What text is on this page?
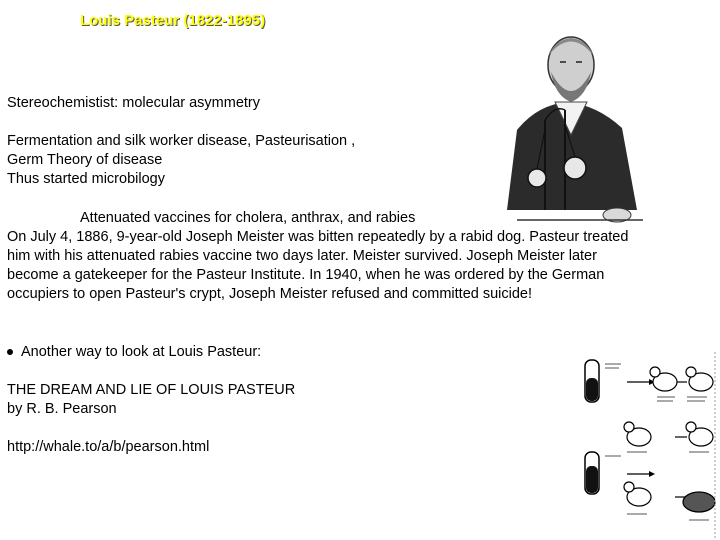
Louis Pasteur (1822-1895)
Stereochemistist: molecular asymmetry
Fermentation and silk worker disease, Pasteurisation ,
Germ Theory of disease
Thus started microbilogy
Attenuated vaccines for cholera, anthrax, and rabies
On July 4, 1886, 9-year-old Joseph Meister was bitten repeatedly by a rabid dog. Pasteur treated him with his attenuated rabies vaccine two days later. Meister survived. Joseph Meister later become a gatekeeper for the Pasteur Institute. In 1940, when he was ordered by the German occupiers to open Pasteur's crypt, Joseph Meister refused and committed suicide!
Another way to look at Louis Pasteur:
THE DREAM AND LIE OF LOUIS PASTEUR
by R. B. Pearson
http://whale.to/a/b/pearson.html
